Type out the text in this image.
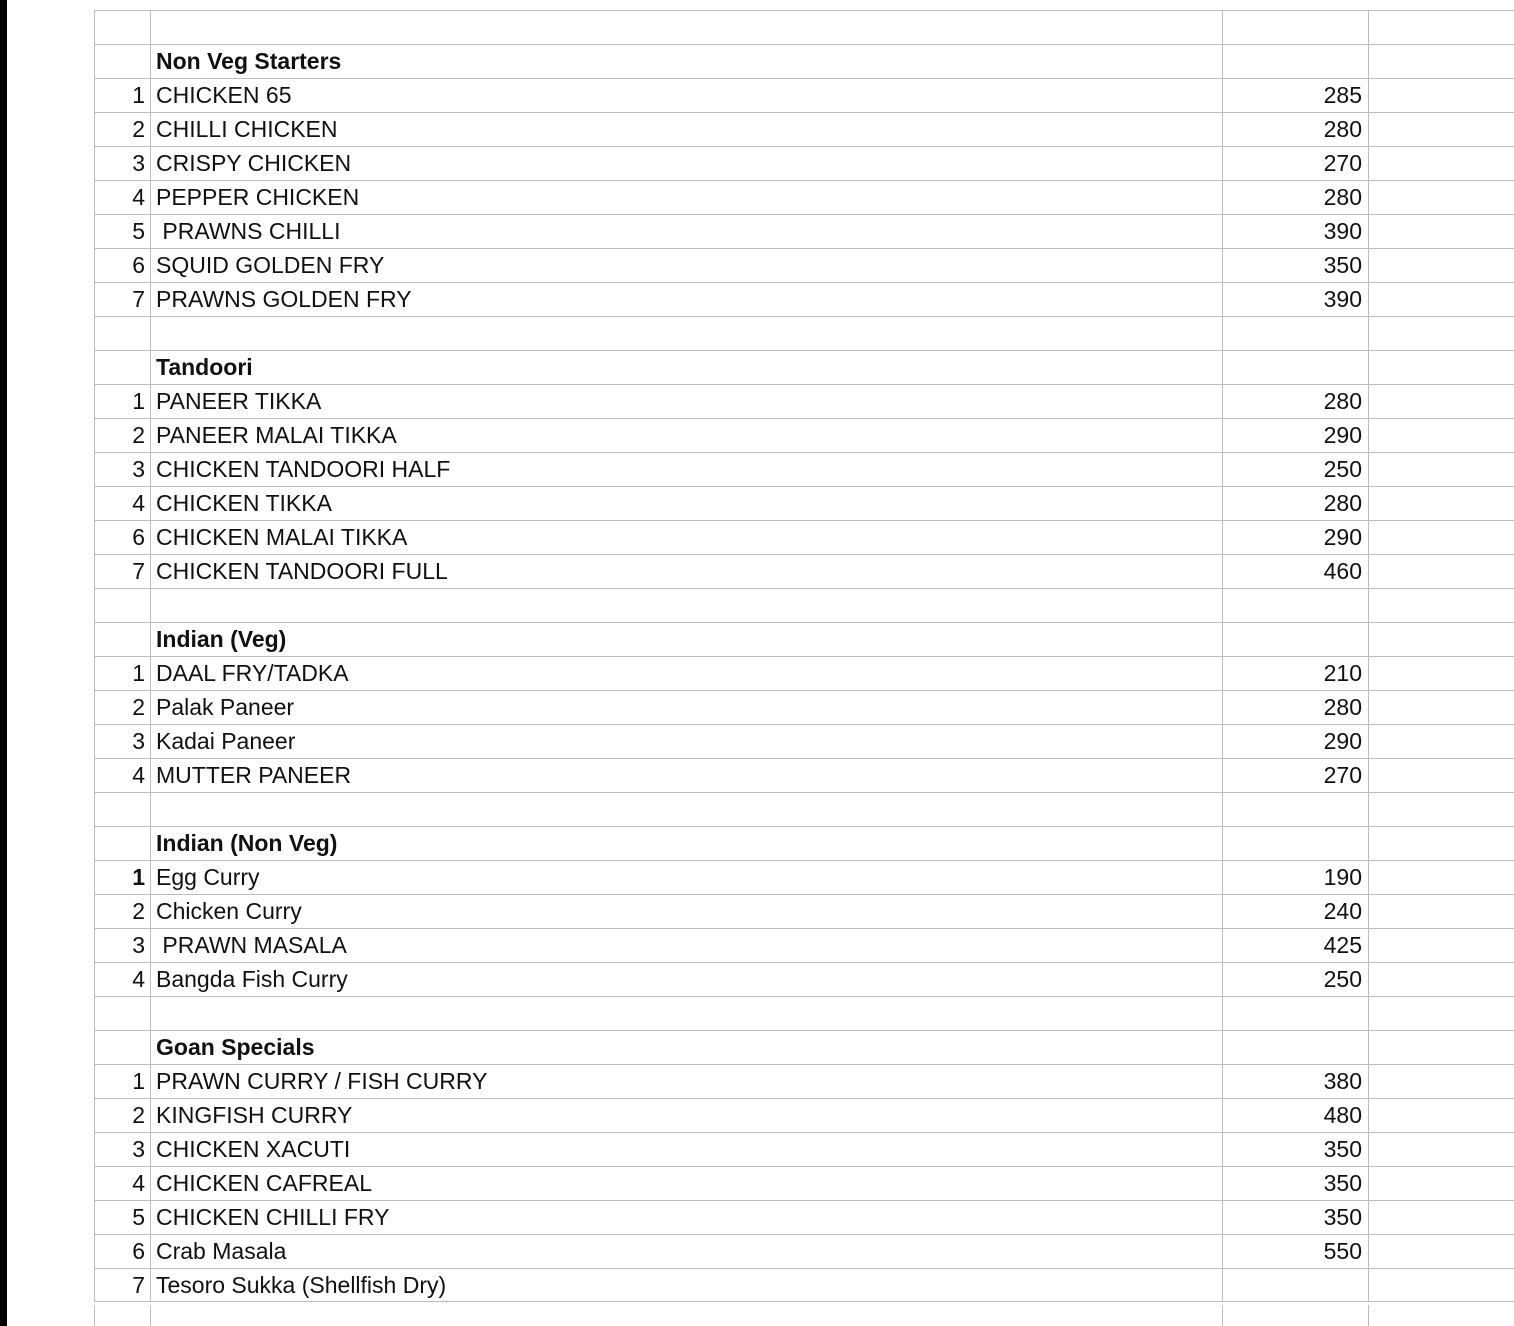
Non Veg Starters
1 CHICKEN 65	285
2 CHILLI CHICKEN	280
3 CRISPY CHICKEN	270
4 PEPPER CHICKEN	280
5 PRAWNS CHILLI	390
6 SQUID GOLDEN FRY	350
7 PRAWNS GOLDEN FRY	390
Tandoori
1 PANEER TIKKA	280
2 PANEER MALAI TIKKA	290
3 CHICKEN TANDOORI HALF	250
4 CHICKEN TIKKA	280
6 CHICKEN MALAI TIKKA	290
7 CHICKEN TANDOORI FULL	460
Indian (Veg)
1 DAAL FRY/TADKA	210
2 Palak Paneer	280
3 Kadai Paneer	290
4 MUTTER PANEER	270
Indian (Non Veg)
1 Egg Curry	190
2 Chicken Curry	240
3 PRAWN MASALA	425
4 Bangda Fish Curry	250
Goan Specials
1 PRAWN CURRY / FISH CURRY	380
2 KINGFISH CURRY	480
3 CHICKEN XACUTI	350
4 CHICKEN CAFREAL	350
5 CHICKEN CHILLI FRY	350
6 Crab Masala	550
7 Tesoro Sukka (Shellfish Dry)
